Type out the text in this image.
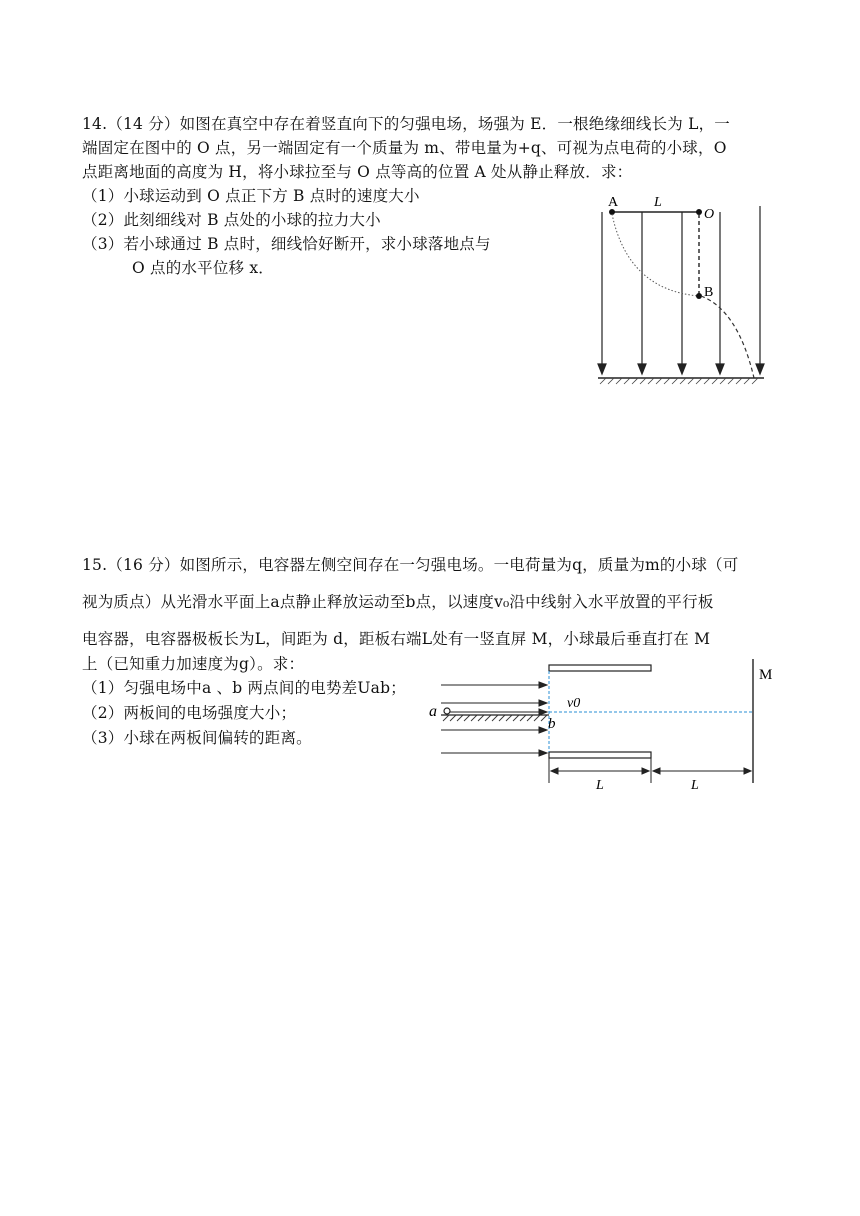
14.（14 分）如图在真空中存在着竖直向下的匀强电场，场强为 E．一根绝缘细线长为 L，一
端固定在图中的 O 点，另一端固定有一个质量为 m、带电量为+q、可视为点电荷的小球，O
点距离地面的高度为 H，将小球拉至与 O 点等高的位置 A 处从静止释放．求：
（1）小球运动到 O 点正下方 B 点时的速度大小
（2）此刻细线对 B 点处的小球的拉力大小
（3）若小球通过 B 点时，细线恰好断开，求小球落地点与
O 点的水平位移 x．
A	L
O
B
15.（16 分）如图所示，电容器左侧空间存在一匀强电场。一电荷量为q，质量为m的小球（可
视为质点）从光滑水平面上a点静止释放运动至b点，以速度v₀沿中线射入水平放置的平行板
电容器，电容器极板长为L，间距为 d，距板右端L处有一竖直屏 M，小球最后垂直打在 M
上（已知重力加速度为g）。求：
（1）匀强电场中a 、b 两点间的电势差Uab；
（2）两板间的电场强度大小；
（3）小球在两板间偏转的距离。
M
v0
a
b
L	L
